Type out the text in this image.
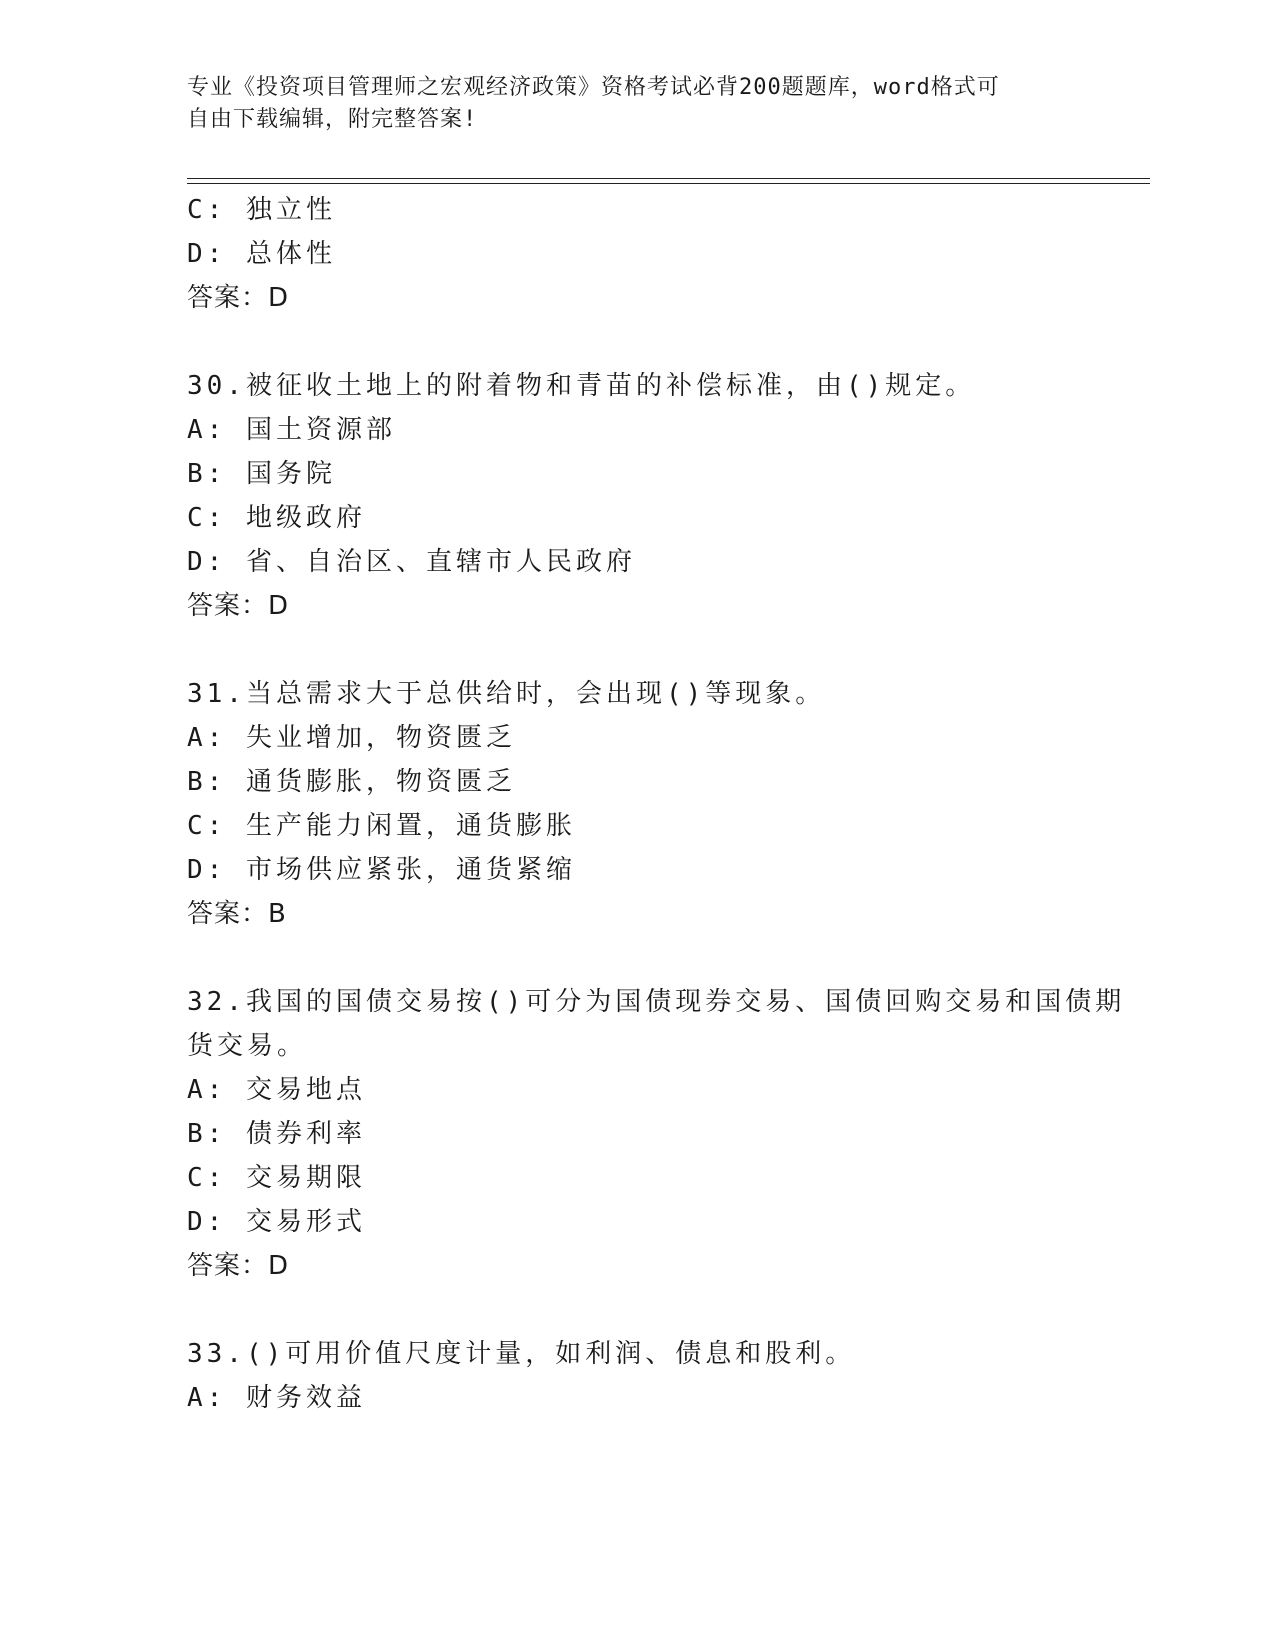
专业《投资项目管理师之宏观经济政策》资格考试必背200题题库，word格式可
自由下载编辑，附完整答案!
C: 独立性
D: 总体性
答案：D
30.被征收土地上的附着物和青苗的补偿标准，由()规定。
A: 国土资源部
B: 国务院
C: 地级政府
D: 省、自治区、直辖市人民政府
答案：D
31.当总需求大于总供给时，会出现()等现象。
A: 失业增加，物资匮乏
B: 通货膨胀，物资匮乏
C: 生产能力闲置，通货膨胀
D: 市场供应紧张，通货紧缩
答案：B
32.我国的国债交易按()可分为国债现券交易、国债回购交易和国债期
货交易。
A: 交易地点
B: 债券利率
C: 交易期限
D: 交易形式
答案：D
33.()可用价值尺度计量，如利润、债息和股利。
A: 财务效益
